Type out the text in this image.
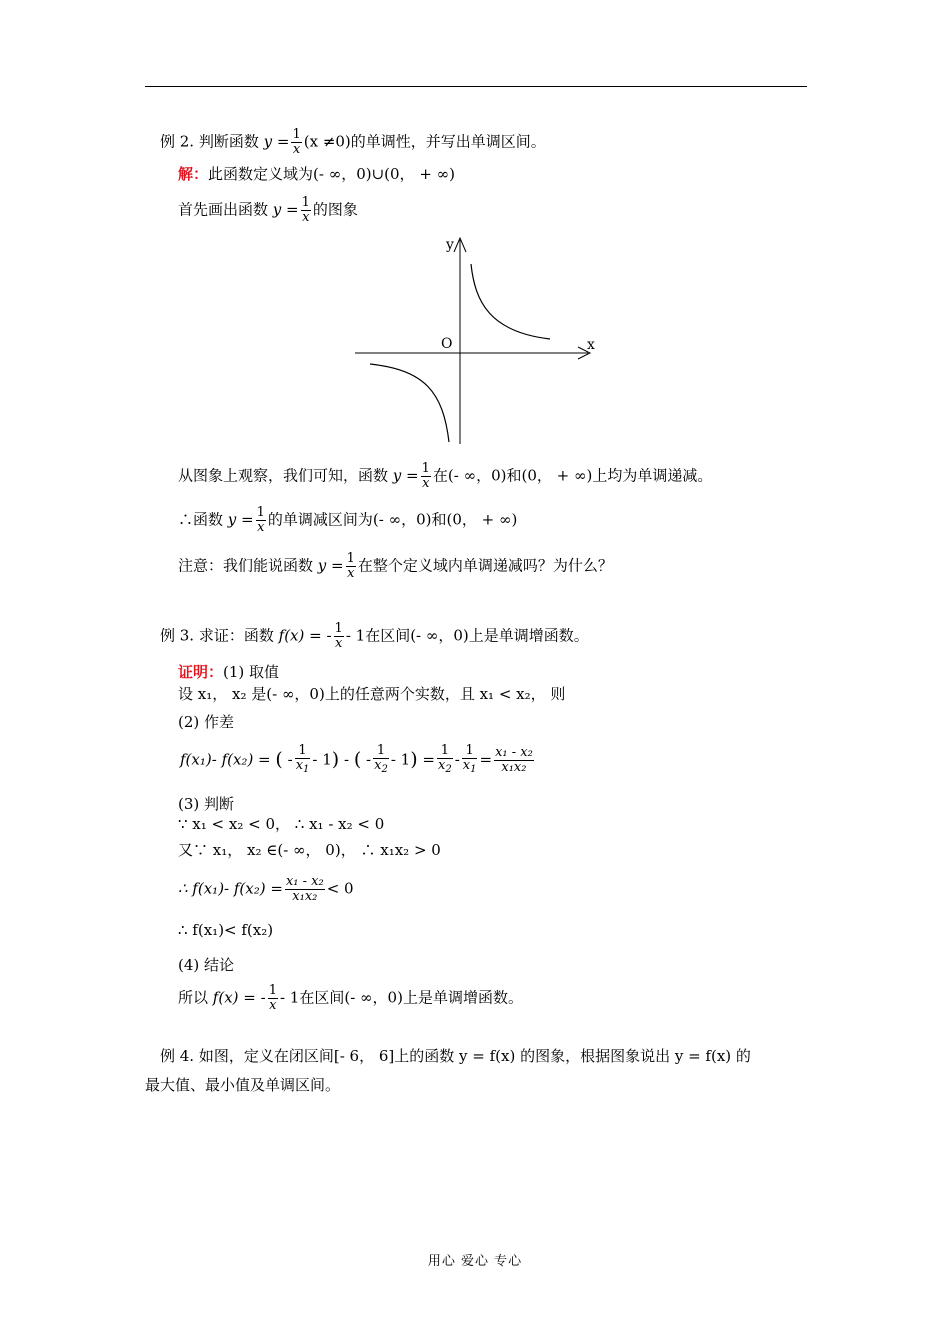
例 2. 判断函数 $y = \frac{1}{x} (x \ne 0)$的单调性，并写出单调区间。
解：此函数定义域为(- ∞，0)∪(0， + ∞)
首先画出函数 $y = \frac{1}{x}$ 的图象
y
x
O
从图象上观察，我们可知，函数 $y = \frac{1}{x}$ 在(- ∞，0)和(0， + ∞)上均为单调递减。
∴函数 $y = \frac{1}{x}$ 的单调减区间为(- ∞，0)和(0， + ∞)
注意：我们能说函数 $y = \frac{1}{x}$ 在整个定义域内单调递减吗？为什么？
例 3. 求证：函数 f(x) = - $\frac{1}{x} - 1$在区间(- ∞，0)上是单调增函数。
证明：(1) 取值
设 x₁， x₂ 是(- ∞，0)上的任意两个实数，且 x₁ < x₂， 则
(2) 作差
f(x₁)- f(x₂) = ( - $\frac{1}{x_1} - 1$) - ( - $\frac{1}{x_2} - 1) = \frac{1}{x_2} - \frac{1}{x_1} = \frac{\text{x₁ - x₂}}{\text{x₁x₂}}$
(3) 判断
∵ x₁ < x₂ < 0， ∴ x₁ - x₂ < 0
又∵ x₁， x₂ ∈(- ∞， 0)， ∴ x₁x₂ > 0
∴ f(x₁)- $f(x_2) = \frac{\text{x₁ - x₂}}{\text{x₁x₂}} < 0$
∴ f(x₁)< f(x₂)
(4) 结论
所以 f(x) = - $\frac{1}{x} - 1$在区间(- ∞，0)上是单调增函数。
例 4. 如图，定义在闭区间[- 6， 6]上的函数 y = f(x) 的图象，根据图象说出 y = f(x) 的
最大值、最小值及单调区间。
用心 爱心 专心
